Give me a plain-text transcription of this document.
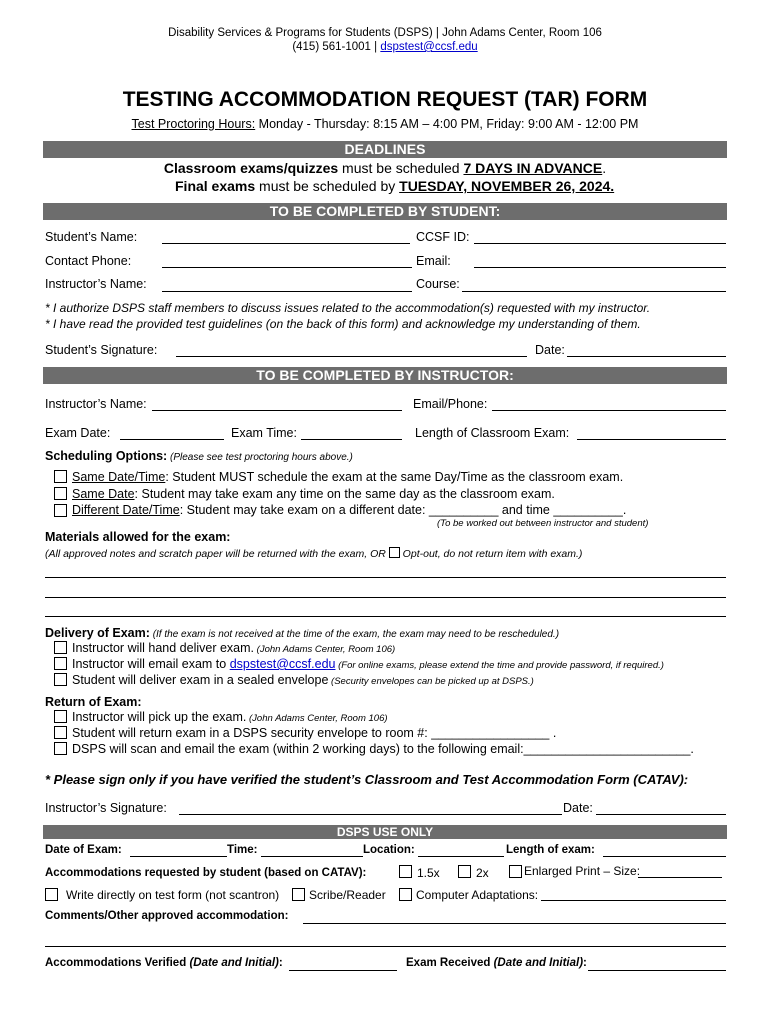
Disability Services & Programs for Students (DSPS) | John Adams Center, Room 106
(415) 561-1001 | dspstest@ccsf.edu
TESTING ACCOMMODATION REQUEST (TAR) FORM
Test Proctoring Hours: Monday - Thursday: 8:15 AM – 4:00 PM, Friday: 9:00 AM - 12:00 PM
DEADLINES
Classroom exams/quizzes must be scheduled 7 DAYS IN ADVANCE.
Final exams must be scheduled by TUESDAY, NOVEMBER 26, 2024.
TO BE COMPLETED BY STUDENT:
Student’s Name:	CCSF ID:
Contact Phone:	Email:
Instructor’s Name:	Course:
* I authorize DSPS staff members to discuss issues related to the accommodation(s) requested with my instructor.
* I have read the provided test guidelines (on the back of this form) and acknowledge my understanding of them.
Student’s Signature:	Date:
TO BE COMPLETED BY INSTRUCTOR:
Instructor’s Name:	Email/Phone:
Exam Date:	Exam Time:	Length of Classroom Exam:
Scheduling Options: (Please see test proctoring hours above.)
Same Date/Time: Student MUST schedule the exam at the same Day/Time as the classroom exam.
Same Date: Student may take exam any time on the same day as the classroom exam.
Different Date/Time: Student may take exam on a different date: __________ and time __________.
(To be worked out between instructor and student)
Materials allowed for the exam:
(All approved notes and scratch paper will be returned with the exam, OR  Opt-out, do not return item with exam.)
Delivery of Exam: (If the exam is not received at the time of the exam, the exam may need to be rescheduled.)
Instructor will hand deliver exam. (John Adams Center, Room 106)
Instructor will email exam to dspstest@ccsf.edu (For online exams, please extend the time and provide password, if required.)
Student will deliver exam in a sealed envelope (Security envelopes can be picked up at DSPS.)
Return of Exam:
Instructor will pick up the exam. (John Adams Center, Room 106)
Student will return exam in a DSPS security envelope to room #: _________________ .
DSPS will scan and email the exam (within 2 working days) to the following email:________________________.
* Please sign only if you have verified the student’s Classroom and Test Accommodation Form (CATAV):
Instructor’s Signature:	Date:
DSPS USE ONLY
Date of Exam:	Time:	Location:	Length of exam:
Accommodations requested by student (based on CATAV):	1.5x	2x	Enlarged Print – Size:
Write directly on test form (not scantron) Scribe/Reader	Computer Adaptations:
Comments/Other approved accommodation:
Accommodations Verified (Date and Initial):	Exam Received (Date and Initial):
